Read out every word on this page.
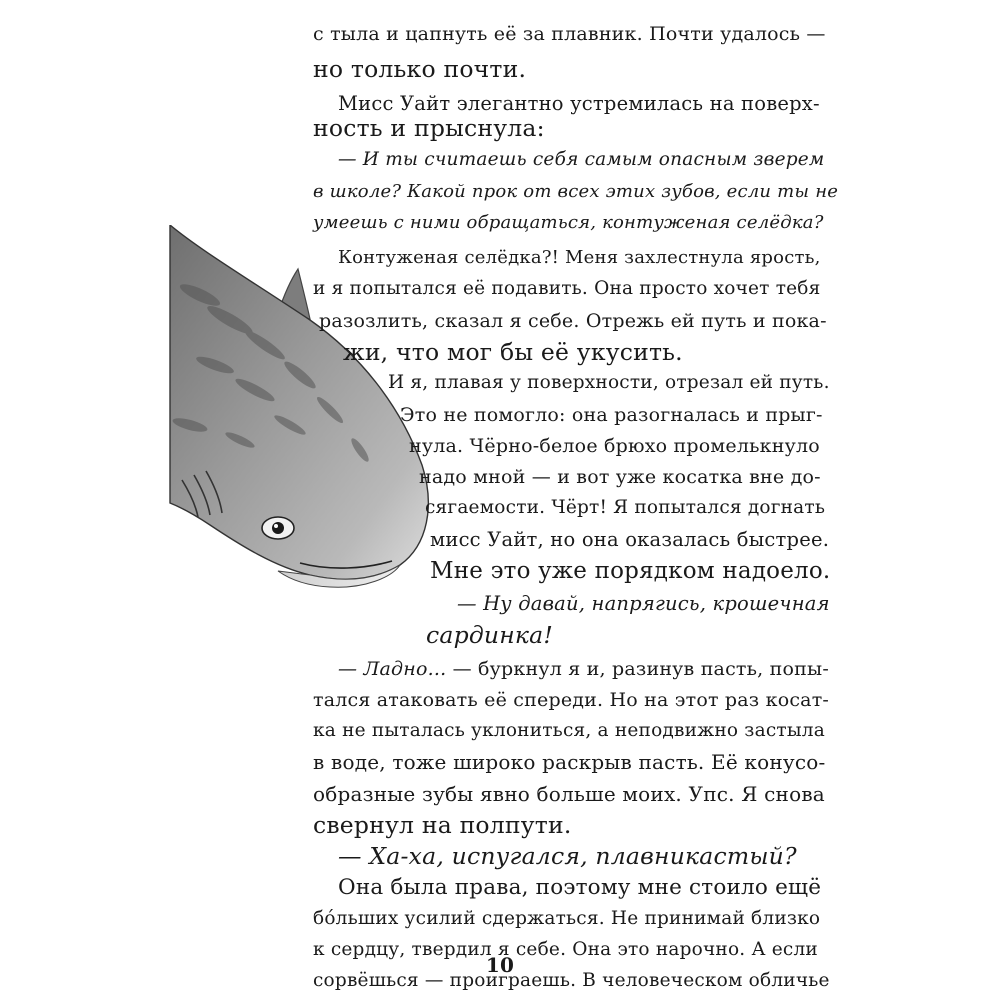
с тыла и цапнуть её за плавник. Почти удалось —
но только почти.
Мисс Уайт элегантно устремилась на поверх-
ность и прыснула:
— И ты считаешь себя самым опасным зверем
в школе? Какой прок от всех этих зубов, если ты не
умеешь с ними обращаться, контуженая селёдка?
Контуженая селёдка?! Меня захлестнула ярость,
и я попытался её подавить. Она просто хочет тебя
разозлить, сказал я себе. Отрежь ей путь и пока-
жи, что мог бы её укусить.
И я, плавая у поверхности, отрезал ей путь.
Это не помогло: она разогналась и прыг-
нула. Чёрно-белое брюхо промелькнуло
надо мной — и вот уже косатка вне до-
сягаемости. Чёрт! Я попытался догнать
мисс Уайт, но она оказалась быстрее.
Мне это уже порядком надоело.
— Ну давай, напрягись, крошечная
сардинка!
— Ладно... — буркнул я и, разинув пасть, попы-
тался атаковать её спереди. Но на этот раз косат-
ка не пыталась уклониться, а неподвижно застыла
в воде, тоже широко раскрыв пасть. Её конусо-
образные зубы явно больше моих. Упс. Я снова
свернул на полпути.
— Ха-ха, испугался, плавникастый?
Она была права, поэтому мне стоило ещё
бóльших усилий сдержаться. Не принимай близко
к сердцу, твердил я себе. Она это нарочно. А если
сорвёшься — проиграешь. В человеческом обличье
10
